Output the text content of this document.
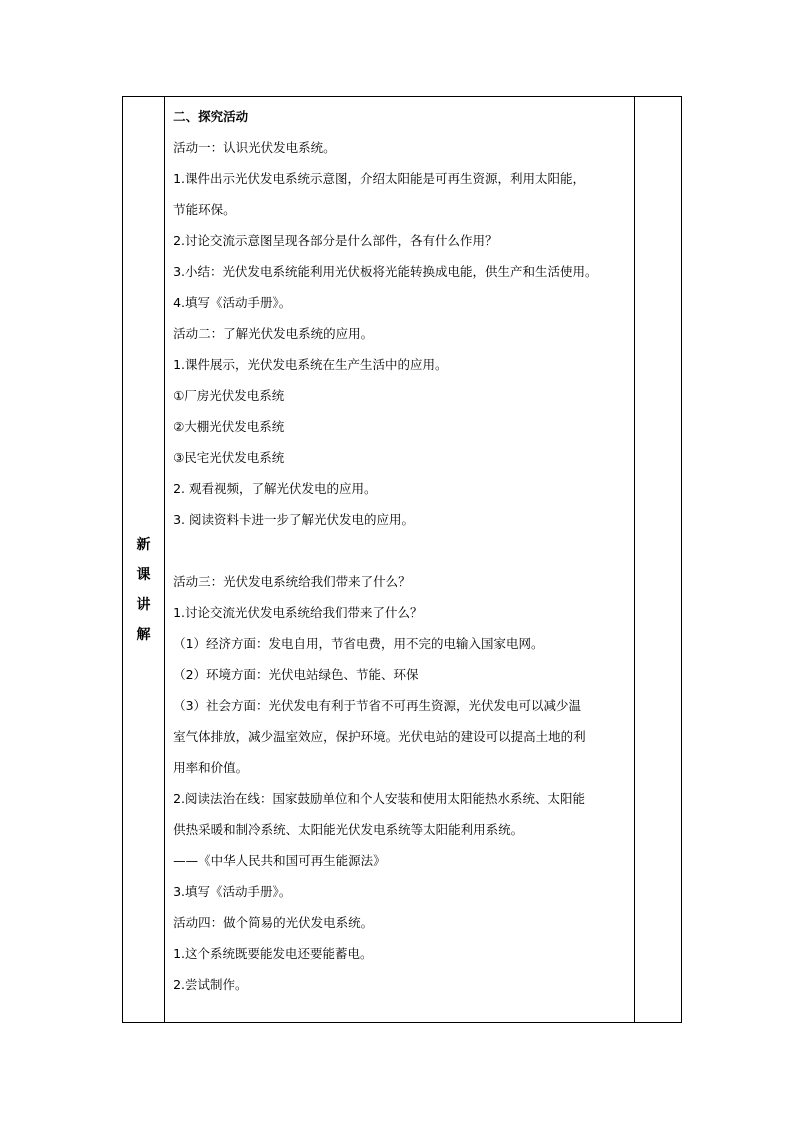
新课讲解	
二、探究活动
活动一：认识光伏发电系统。
1.课件出示光伏发电系统示意图，介绍太阳能是可再生资源，利用太阳能，
节能环保。
2.讨论交流示意图呈现各部分是什么部件，各有什么作用？
3.小结：光伏发电系统能利用光伏板将光能转换成电能，供生产和生活使用。
4.填写《活动手册》。
活动二：了解光伏发电系统的应用。
1.课件展示，光伏发电系统在生产生活中的应用。
①厂房光伏发电系统
②大棚光伏发电系统
③民宅光伏发电系统
2. 观看视频，了解光伏发电的应用。
3. 阅读资料卡进一步了解光伏发电的应用。
活动三：光伏发电系统给我们带来了什么？
1.讨论交流光伏发电系统给我们带来了什么？
（1）经济方面：发电自用，节省电费，用不完的电输入国家电网。
（2）环境方面：光伏电站绿色、节能、环保
（3）社会方面：光伏发电有利于节省不可再生资源，光伏发电可以减少温
室气体排放，减少温室效应，保护环境。光伏电站的建设可以提高土地的利
用率和价值。
2.阅读法治在线：国家鼓励单位和个人安装和使用太阳能热水系统、太阳能
供热采暖和制冷系统、太阳能光伏发电系统等太阳能利用系统。
——《中华人民共和国可再生能源法》
3.填写《活动手册》。
活动四：做个简易的光伏发电系统。
1.这个系统既要能发电还要能蓄电。
2.尝试制作。
